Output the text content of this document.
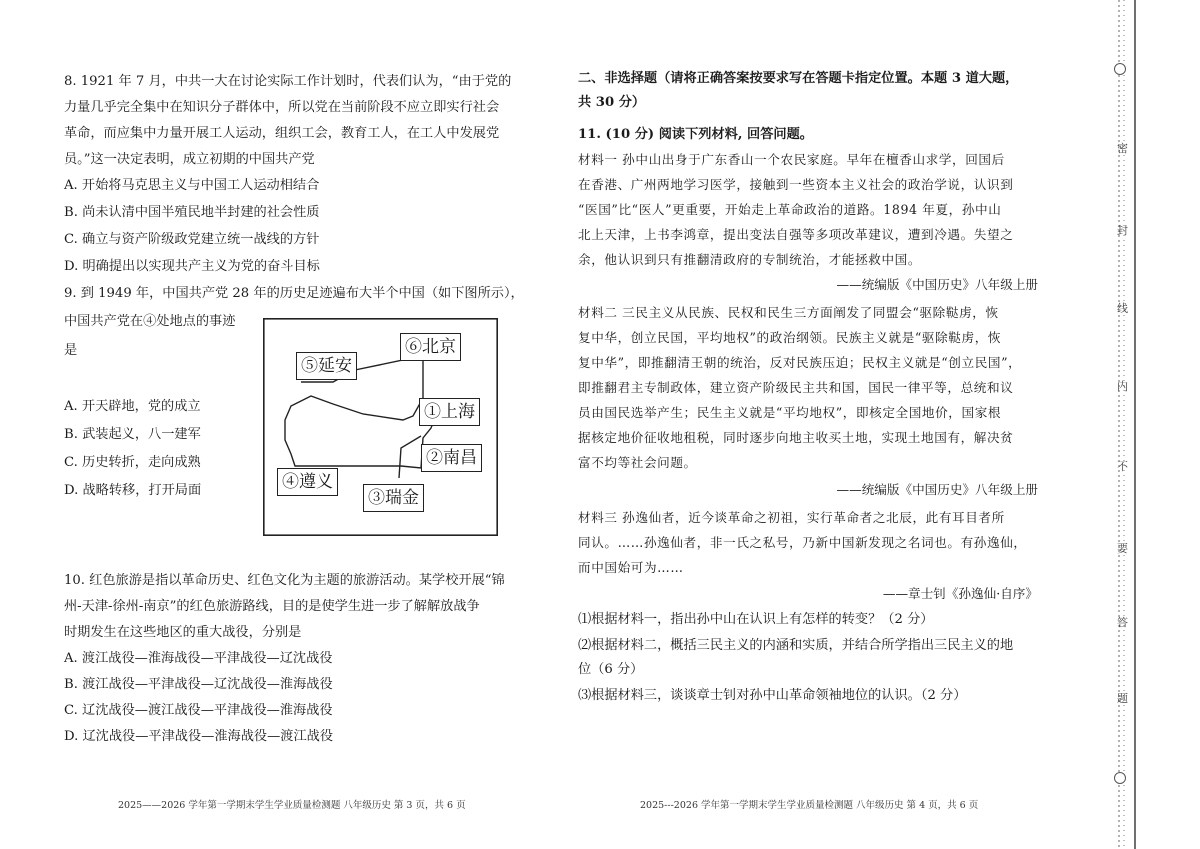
8. 1921 年 7 月，中共一大在讨论实际工作计划时，代表们认为，“由于党的
力量几乎完全集中在知识分子群体中，所以党在当前阶段不应立即实行社会
革命，而应集中力量开展工人运动，组织工会，教育工人，在工人中发展党
员。”这一决定表明，成立初期的中国共产党
A. 开始将马克思主义与中国工人运动相结合
B. 尚未认清中国半殖民地半封建的社会性质
C. 确立与资产阶级政党建立统一战线的方针
D. 明确提出以实现共产主义为党的奋斗目标
9. 到 1949 年，中国共产党 28 年的历史足迹遍布大半个中国（如下图所示），
中国共产党在④处地点的事迹
是
A. 开天辟地，党的成立
B. 武装起义，八一建军
C. 历史转折，走向成熟
D. 战略转移，打开局面
10. 红色旅游是指以革命历史、红色文化为主题的旅游活动。某学校开展“锦
州-天津-徐州-南京”的红色旅游路线，目的是使学生进一步了解解放战争
时期发生在这些地区的重大战役，分别是
A. 渡江战役—淮海战役—平津战役—辽沈战役
B. 渡江战役—平津战役—辽沈战役—淮海战役
C. 辽沈战役—渡江战役—平津战役—淮海战役
D. 辽沈战役—平津战役—淮海战役—渡江战役
⑤延安
⑥北京
①上海
②南昌
④遵义
③瑞金
二、非选择题（请将正确答案按要求写在答题卡指定位置。本题 3 道大题，
共 30 分）
11. (10 分) 阅读下列材料, 回答问题。
材料一 孙中山出身于广东香山一个农民家庭。早年在檀香山求学，回国后
在香港、广州两地学习医学，接触到一些资本主义社会的政治学说，认识到
“医国”比“医人”更重要，开始走上革命政治的道路。1894 年夏，孙中山
北上天津，上书李鸿章，提出变法自强等多项改革建议，遭到冷遇。失望之
余，他认识到只有推翻清政府的专制统治，才能拯救中国。
——统编版《中国历史》八年级上册
材料二 三民主义从民族、民权和民生三方面阐发了同盟会“驱除鞑虏，恢
复中华，创立民国，平均地权”的政治纲领。民族主义就是“驱除鞑虏，恢
复中华”，即推翻清王朝的统治，反对民族压迫；民权主义就是“创立民国”，
即推翻君主专制政体，建立资产阶级民主共和国，国民一律平等，总统和议
员由国民选举产生；民生主义就是“平均地权”，即核定全国地价，国家根
据核定地价征收地租税，同时逐步向地主收买土地，实现土地国有，解决贫
富不均等社会问题。
——统编版《中国历史》八年级上册
材料三 孙逸仙者，近今谈革命之初祖，实行革命者之北辰，此有耳目者所
同认。……孙逸仙者，非一氏之私号，乃新中国新发现之名词也。有孙逸仙，
而中国始可为……
——章士钊《孙逸仙·自序》
⑴根据材料一，指出孙中山在认识上有怎样的转变？（2 分）
⑵根据材料二，概括三民主义的内涵和实质，并结合所学指出三民主义的地
位（6 分）
⑶根据材料三，谈谈章士钊对孙中山革命领袖地位的认识。（2 分）
2025——2026 学年第一学期末学生学业质量检测题 八年级历史 第 3 页，共 6 页	2025---2026 学年第一学期末学生学业质量检测题 八年级历史 第 4 页，共 6 页
密
封
线
内
不
要
答
题
